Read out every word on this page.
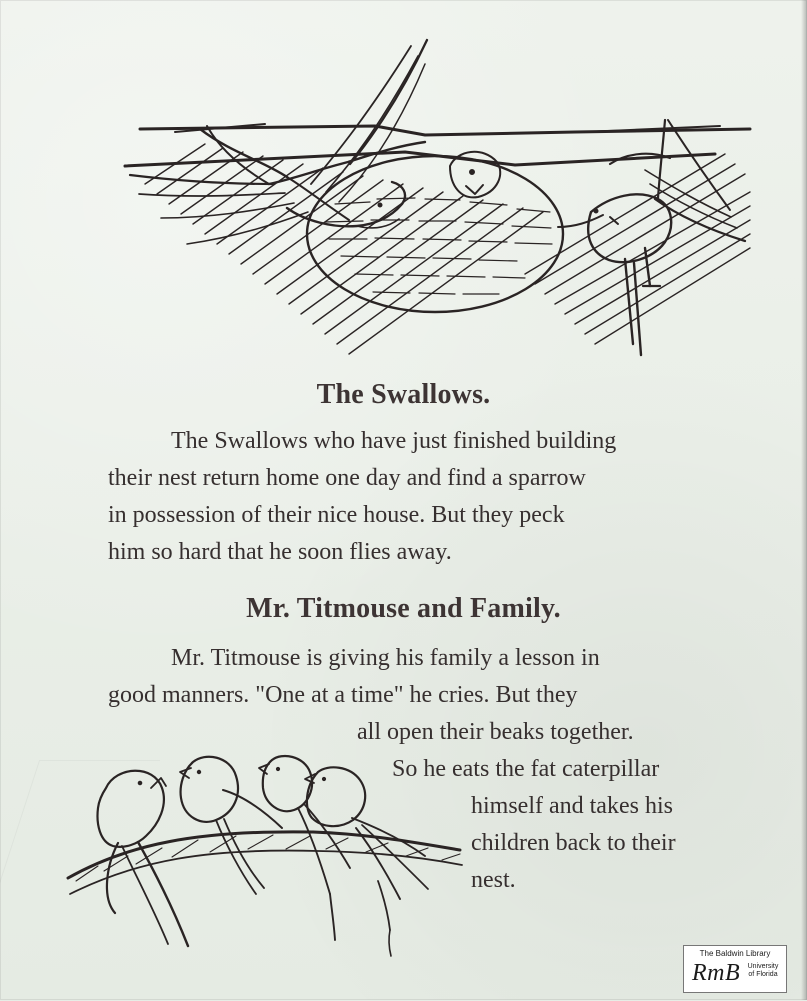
The Swallows.
The Swallows who have just finished building
their nest return home one day and find a sparrow
in possession of their nice house. But they peck
him so hard that he soon flies away.
Mr. Titmouse and Family.
Mr. Titmouse is giving his family a lesson in
good manners. "One at a time" he cries. But they
all open their beaks together.
So he eats the fat caterpillar
himself and takes his
children back to their
nest.
The Baldwin Library
RmB	University of Florida
